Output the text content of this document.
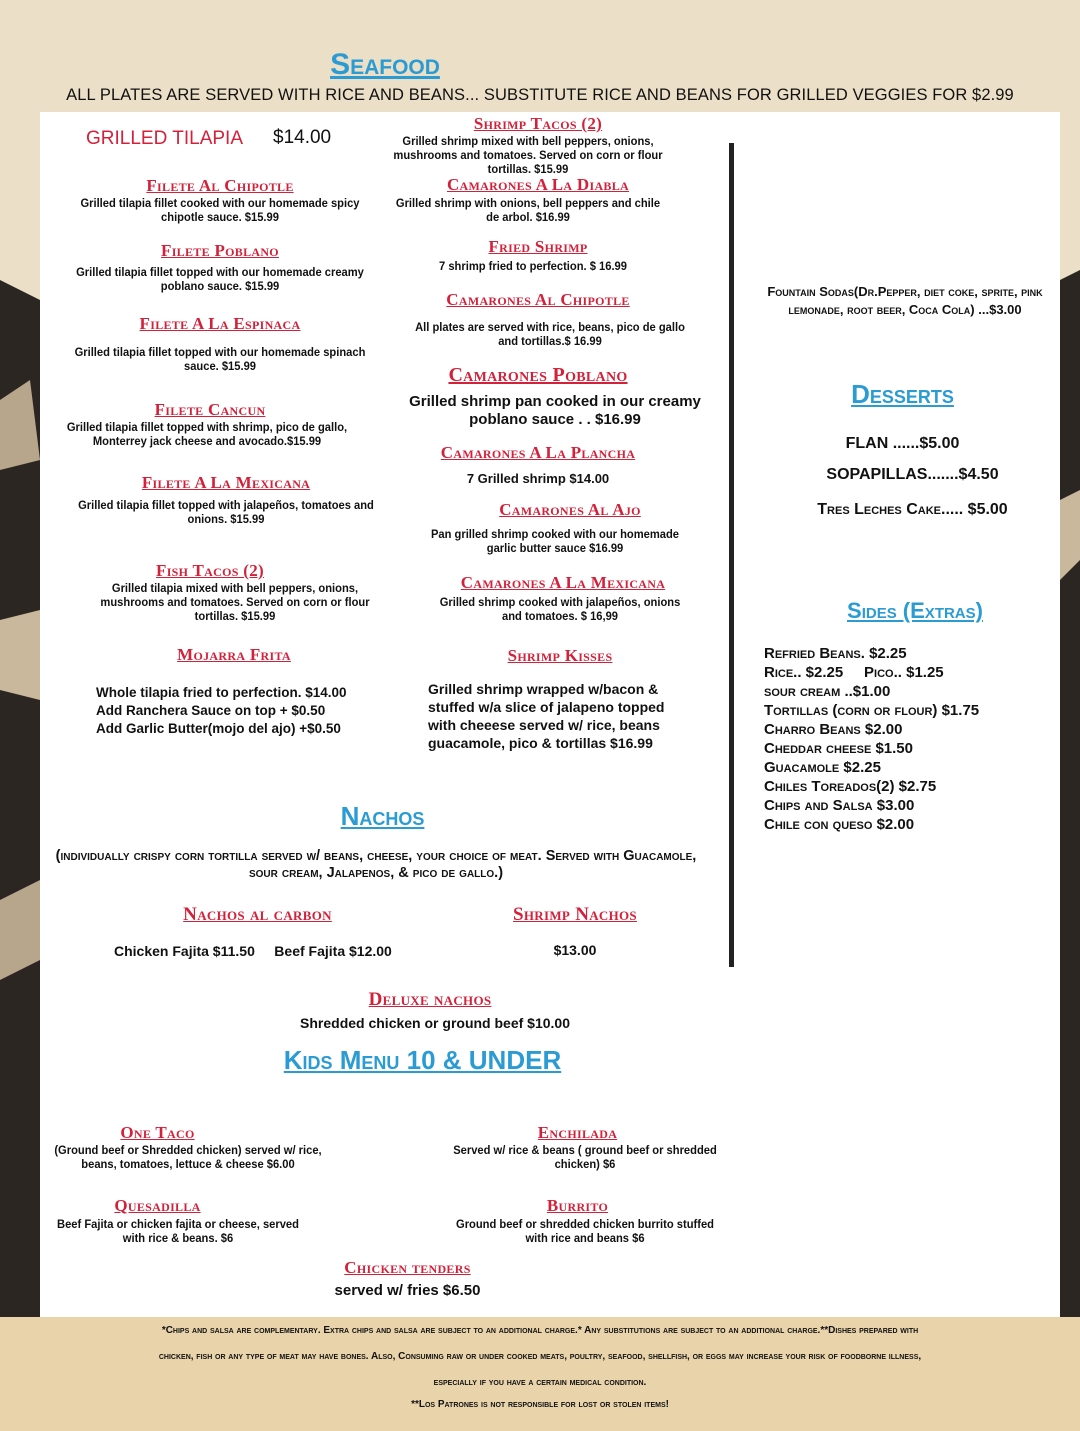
Seafood
ALL PLATES ARE SERVED WITH RICE AND BEANS... SUBSTITUTE RICE AND BEANS FOR GRILLED VEGGIES FOR $2.99
GRILLED TILAPIA $14.00
Filete Al Chipotle
Grilled tilapia fillet cooked with our homemade spicy chipotle sauce. $15.99
Filete Poblano
Grilled tilapia fillet topped with our homemade creamy poblano sauce. $15.99
Filete A La Espinaca
Grilled tilapia fillet topped with our homemade spinach sauce. $15.99
Filete Cancun
Grilled tilapia fillet topped with shrimp, pico de gallo, Monterrey jack cheese and avocado.$15.99
Filete A La Mexicana
Grilled tilapia fillet topped with jalapeños, tomatoes and onions. $15.99
Fish Tacos (2)
Grilled tilapia mixed with bell peppers, onions, mushrooms and tomatoes. Served on corn or flour tortillas. $15.99
Mojarra Frita
Whole tilapia fried to perfection. $14.00
Add Ranchera Sauce on top + $0.50
Add Garlic Butter(mojo del ajo) +$0.50
Shrimp Tacos (2)
Grilled shrimp mixed with bell peppers, onions, mushrooms and tomatoes. Served on corn or flour tortillas. $15.99
Camarones A La Diabla
Grilled shrimp with onions, bell peppers and chile de arbol. $16.99
Fried Shrimp
7 shrimp fried to perfection. $ 16.99
Camarones Al Chipotle
All plates are served with rice, beans, pico de gallo and tortillas.$ 16.99
Camarones Poblano
Grilled shrimp pan cooked in our creamy poblano sauce . . $16.99
Camarones A La Plancha
7 Grilled shrimp $14.00
Camarones Al Ajo
Pan grilled shrimp cooked with our homemade garlic butter sauce $16.99
Camarones A La Mexicana
Grilled shrimp cooked with jalapeños, onions and tomatoes. $ 16,99
Shrimp Kisses
Grilled shrimp wrapped w/bacon & stuffed w/a slice of jalapeno topped with cheeese served w/ rice, beans guacamole, pico & tortillas $16.99
Fountain Sodas(Dr.Pepper, diet coke, sprite, pink lemonade, root beer, Coca Cola) ...$3.00
Desserts
FLAN ......$5.00
SOPAPILLAS.......$4.50
Tres Leches Cake..... $5.00
Sides (Extras)
Refried Beans. $2.25
Rice.. $2.25     Pico.. $1.25
sour cream ..$1.00
Tortillas (corn or flour) $1.75
Charro Beans $2.00
Cheddar cheese $1.50
Guacamole $2.25
Chiles Toreados(2) $2.75
Chips and Salsa $3.00
Chile con queso $2.00
Nachos
(individually crispy corn tortilla served w/ beans, cheese, your choice of meat. Served with Guacamole, sour cream, Jalapenos, & pico de gallo.)
Nachos al carbon
Chicken Fajita $11.50     Beef Fajita $12.00
Shrimp Nachos
$13.00
Deluxe nachos
Shredded chicken or ground beef $10.00
Kids Menu 10 & UNDER
One Taco
(Ground beef or Shredded chicken) served w/ rice, beans, tomatoes, lettuce & cheese $6.00
Enchilada
Served w/ rice & beans ( ground beef or shredded chicken) $6
Quesadilla
Beef Fajita or chicken fajita or cheese, served with rice & beans. $6
Burrito
Ground beef or shredded chicken burrito stuffed with rice and beans $6
Chicken tenders
served w/ fries $6.50
*Chips and salsa are complementary. Extra chips and salsa are subject to an additional charge.* Any substitutions are subject to an additional charge.**Dishes prepared with
chicken, fish or any type of meat may have bones. Also, Consuming raw or under cooked meats, poultry, seafood, shellfish, or eggs may increase your risk of foodborne illness,
especially if you have a certain medical condition.
**Los Patrones is not responsible for lost or stolen items!
